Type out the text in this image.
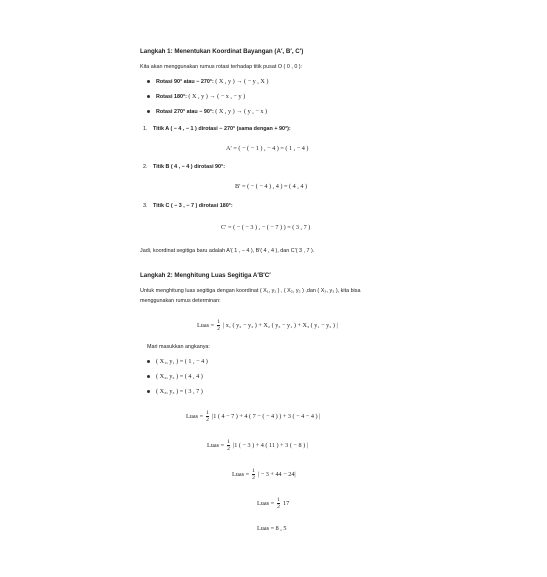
Langkah 1: Menentukan Koordinat Bayangan (A′, B′, C′)
Kita akan menggunakan rumus rotasi terhadap titik pusat O ( 0 , 0 ):
Rotasi 90° atau − 270°: ( X , y ) → ( − y , X )
Rotasi 180°: ( X , y ) → ( − x , − y )
Rotasi 270° atau − 90°: ( X , y ) → ( y , − x )
1. Titik A ( − 4 , − 1 ) dirotasi − 270° (sama dengan + 90°):
A′ = ( − ( − 1 ) , − 4 ) = ( 1 , − 4 )
2. Titik B ( 4 , − 4 ) dirotasi 90°:
B′ = ( − ( − 4 ) , 4 ) = ( 4 , 4 )
3. Titik C ( − 3 , − 7 ) dirotasi 180°:
C′ = ( − ( − 3 ) , − ( − 7 ) ) = ( 3 , 7 )
Jadi, koordinat segitiga baru adalah A′( 1 , − 4 ), B′( 4 , 4 ), dan C′( 3 , 7 ).
Langkah 2: Menghitung Luas Segitiga A′B′C′
Untuk menghitung luas segitiga dengan koordinat ( X₁, y₁ ) , ( X₂, y₂ ) ,dan ( X₃, y₃ ), kita bisa
menggunakan rumus determinan:
Luas = $\frac{1}{2}$ | x₁ ( y₂ − y₃ ) + X₂ ( y₃ − y₁ ) + X₃ ( y₁ − y₂ ) |
Mari masukkan angkanya:
( X₁, y₁ ) = ( 1 , − 4 )
( X₂, y₂ ) = ( 4 , 4 )
( X₃, y₃ ) = ( 3 , 7 )
Luas = $\frac{1}{2} |1$ ( 4 − 7 ) + 4 ( 7 − ( − 4 ) ) + 3 ( − 4 − 4 ) |
Luas = $\frac{1}{2} |1$ ( − 3 ) + 4 ( 11 ) + 3 ( − 8 ) |
Luas = $\frac{1}{2}$ | − 3 + 44 − 24|
Luas = $\frac{1}{2} 17$
Luas = 8 , 5
